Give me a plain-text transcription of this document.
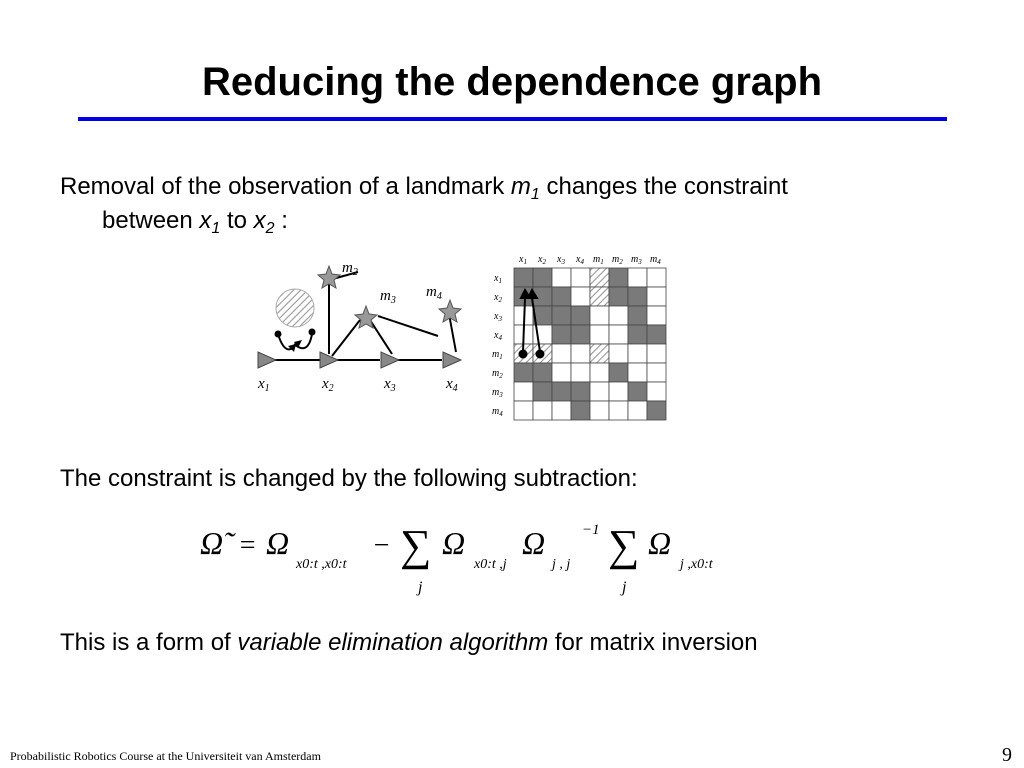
Reducing the dependence graph
Removal of the observation of a landmark $m_1$ changes the constraint
between $x_1$ to $x_2$ :
$x_1$	$x_2$	$x_3$	$x_4$
$m_2$
$m_3$
$m_4$
$x_1$ $x_2$ $x_3$ $x_4$ $m_1$ $m_2$ $m_3$ $m_4$
$x_1$
$x_2$
$x_3$
$x_4$
$m_1$
$m_2$
$m_3$
$m_4$
The constraint is changed by the following subtraction:
Ω̃ = Ω
x0:t ,x0:t
− ∑
j
Ω
x0:t ,j
Ω
j , j
−1 ∑
j
Ω
j ,x0:t
This is a form of variable elimination algorithm for matrix inversion
Probabilistic Robotics Course at the Universiteit van Amsterdam	9
